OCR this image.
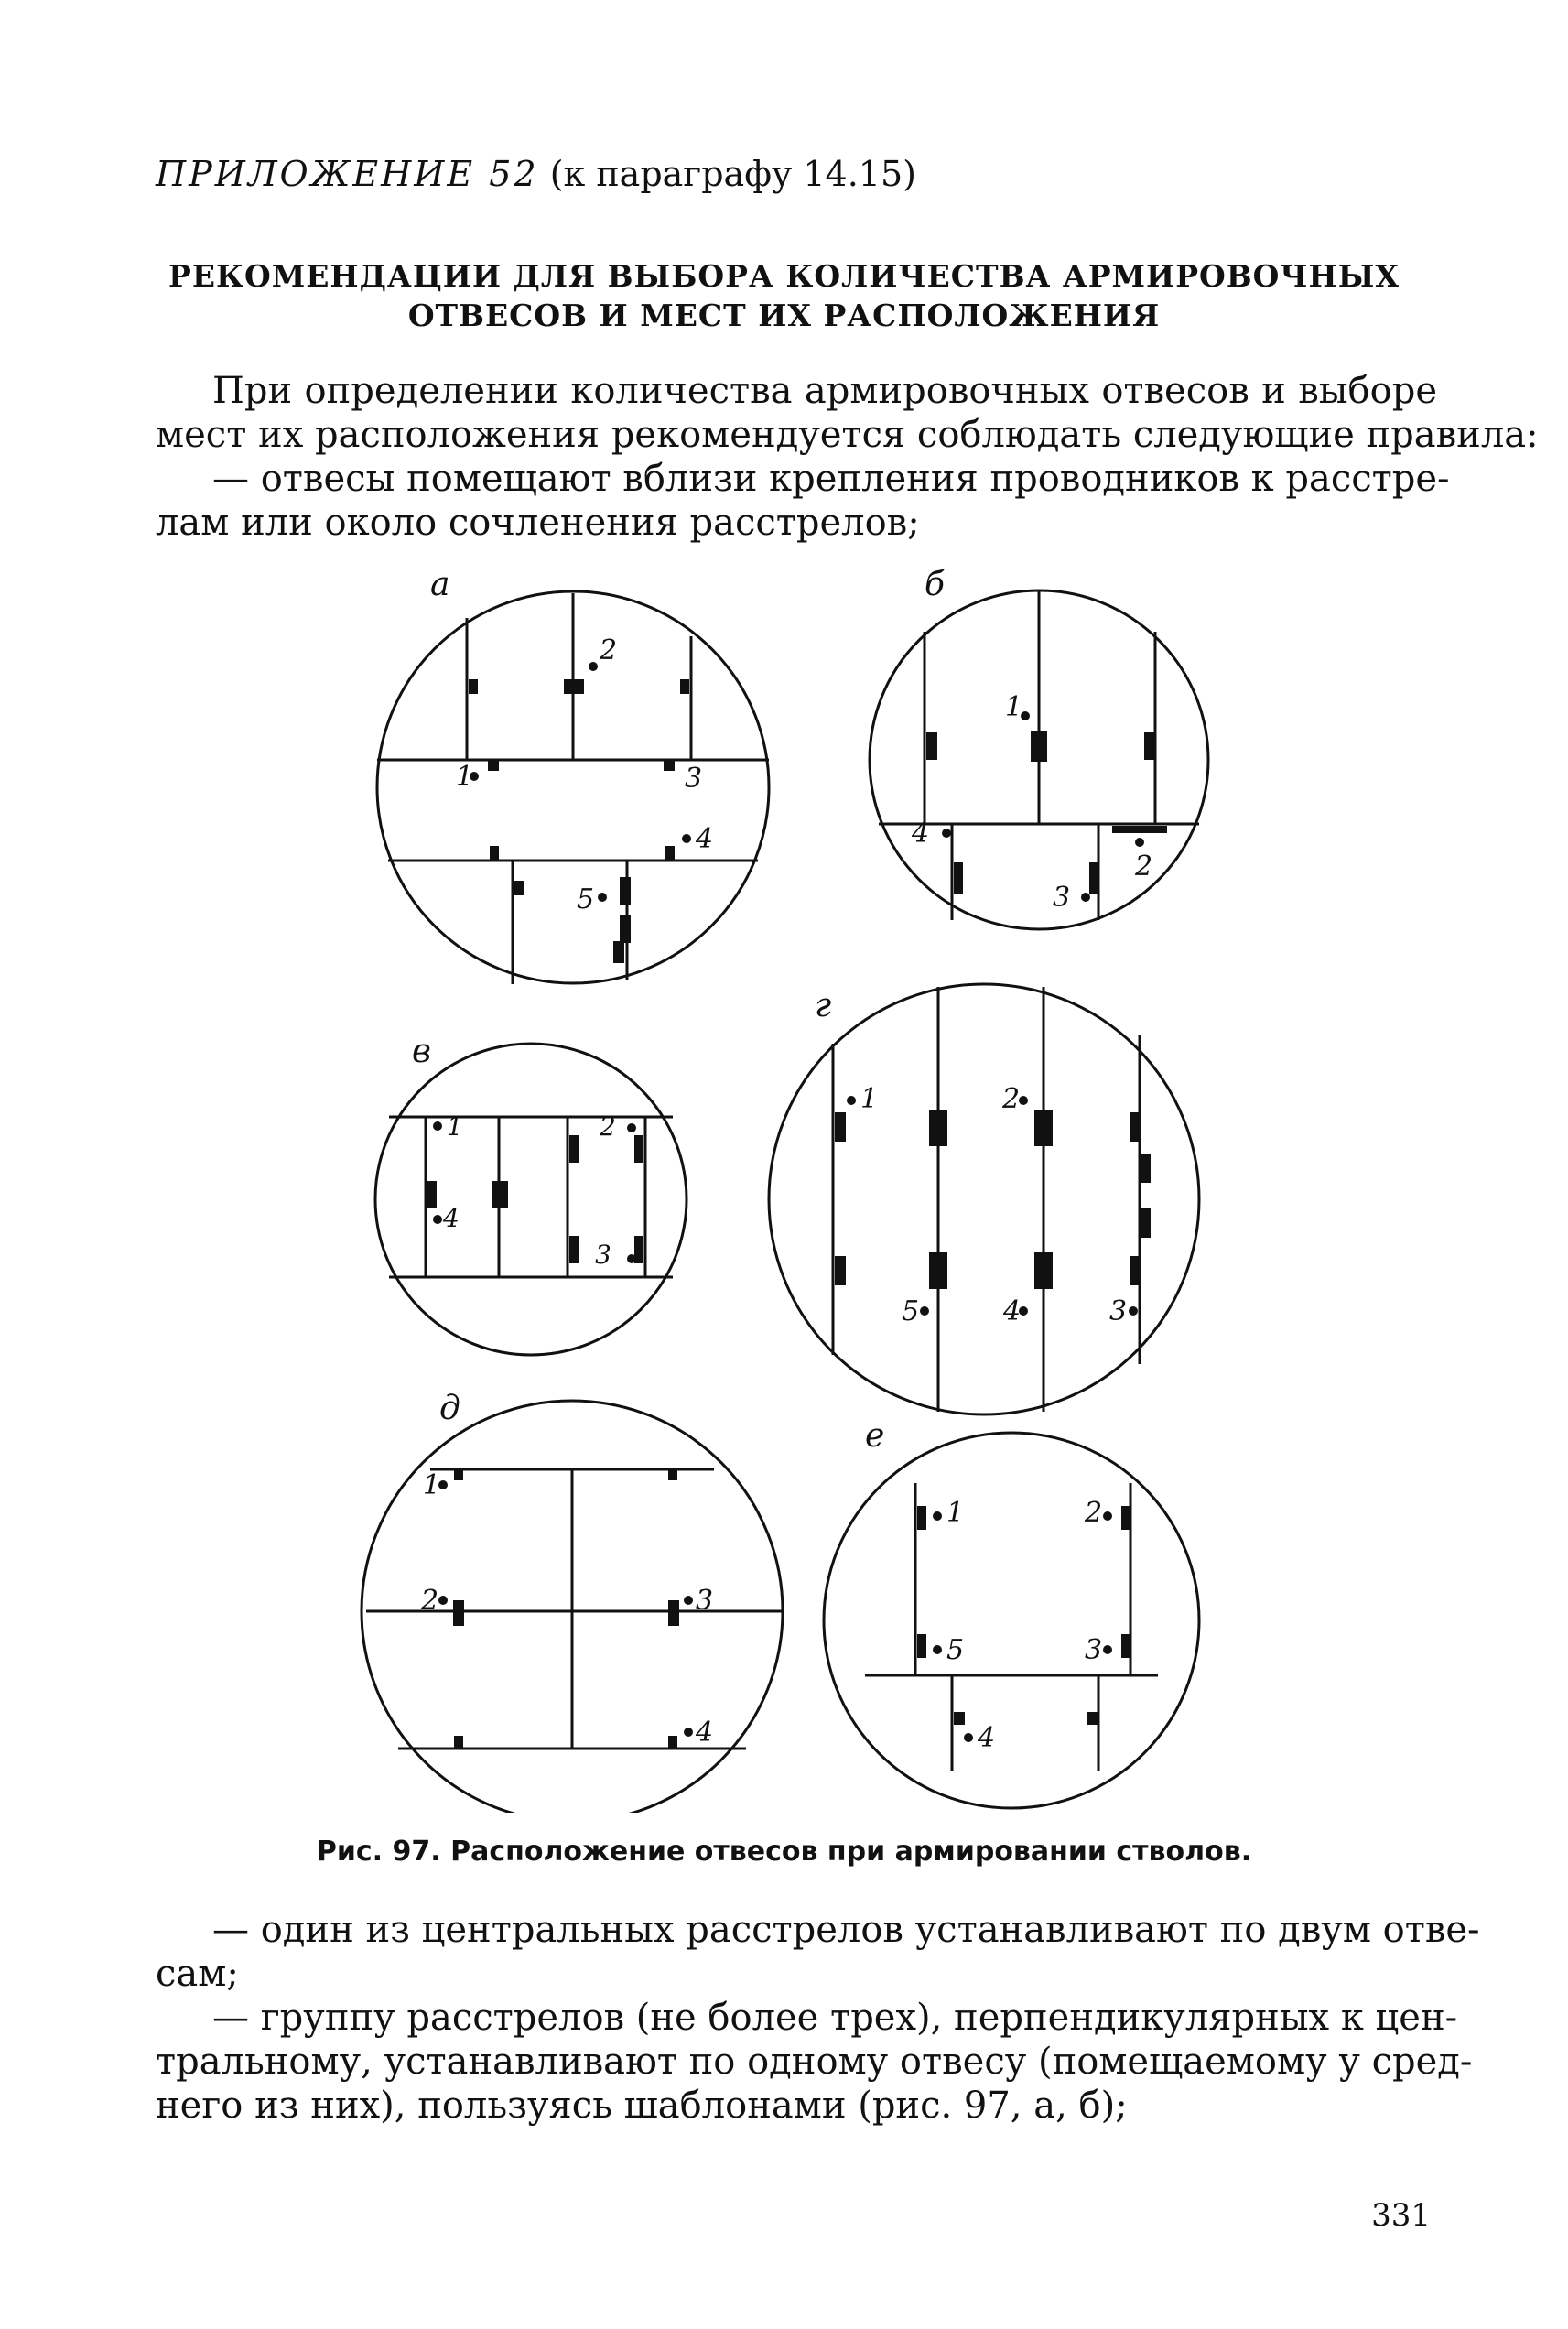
ПРИЛОЖЕНИЕ 52 (к параграфу 14.15)
РЕКОМЕНДАЦИИ ДЛЯ ВЫБОРА КОЛИЧЕСТВА АРМИРОВОЧНЫХ
ОТВЕСОВ И МЕСТ ИХ РАСПОЛОЖЕНИЯ
При определении количества армировочных отвесов и выборе
мест их расположения рекомендуется соблюдать следующие правила:
— отвесы помещают вблизи крепления проводников к расстре-
лам или около сочленения расстрелов;
а
2
1	3
4
5
б
1
2
3
4
в
1	2
3
4
г
1	2
3
4
5
д
1
2	3
4
е
1	2
3
4
5
Рис. 97. Расположение отвесов при армировании стволов.
— один из центральных расстрелов устанавливают по двум отве-
сам;
— группу расстрелов (не более трех), перпендикулярных к цен-
тральному, устанавливают по одному отвесу (помещаемому у сред-
него из них), пользуясь шаблонами (рис. 97, а, б);
331
